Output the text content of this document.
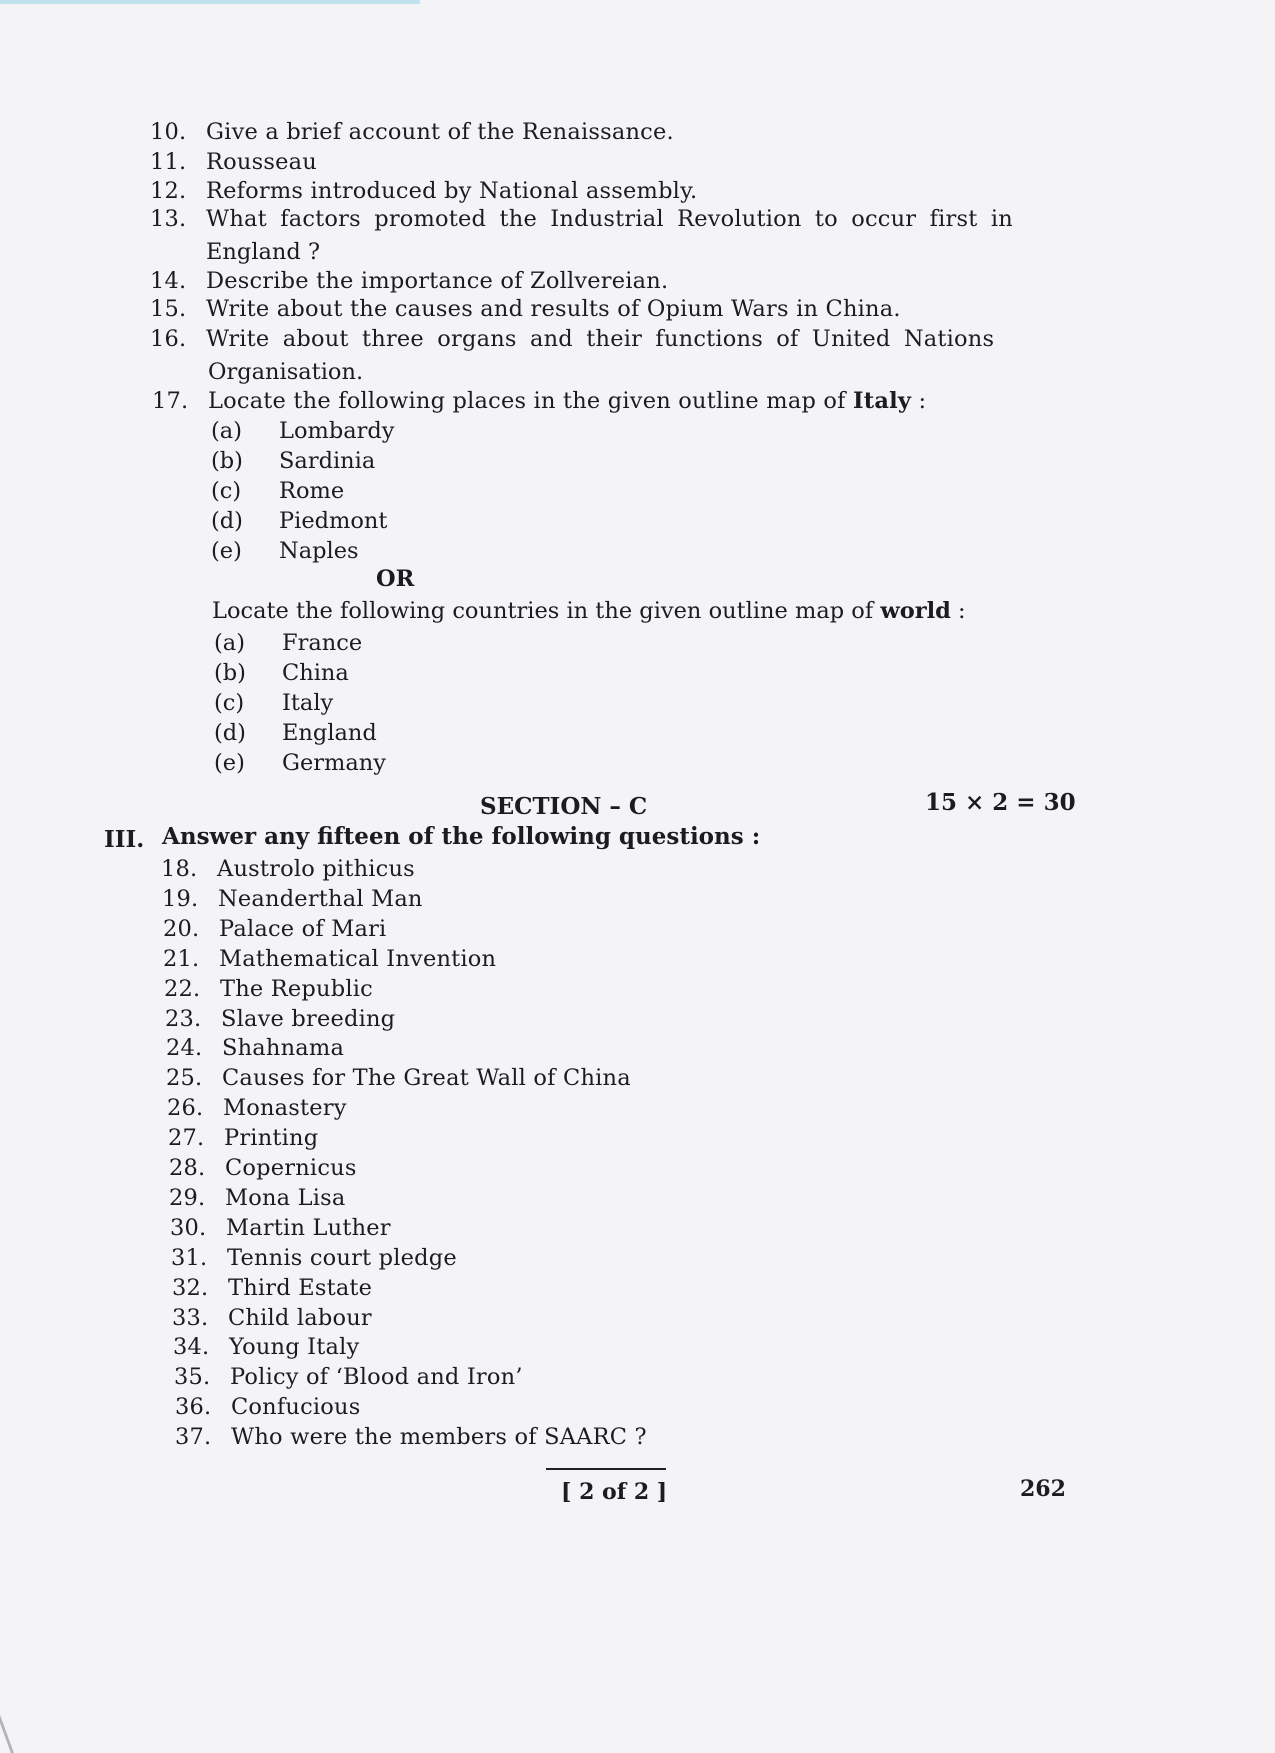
10. Give a brief account of the Renaissance.
11. Rousseau
12. Reforms introduced by National assembly.
13. What factors promoted the Industrial Revolution to occur first in
England ?
14. Describe the importance of Zollvereian.
15. Write about the causes and results of Opium Wars in China.
16. Write about three organs and their functions of United Nations
Organisation.
17. Locate the following places in the given outline map of Italy :
(a)	Lombardy
(b)	Sardinia
(c)	Rome
(d)	Piedmont
(e)	Naples
OR
Locate the following countries in the given outline map of world :
(a)	France
(b)	China
(c)	Italy
(d)	England
(e)	Germany
SECTION – C	15 × 2 = 30
III. Answer any fifteen of the following questions :
18. Austrolo pithicus
19. Neanderthal Man
20. Palace of Mari
21. Mathematical Invention
22. The Republic
23. Slave breeding
24. Shahnama
25. Causes for The Great Wall of China
26. Monastery
27. Printing
28. Copernicus
29. Mona Lisa
30. Martin Luther
31. Tennis court pledge
32. Third Estate
33. Child labour
34. Young Italy
35. Policy of ‘Blood and Iron’
36. Confucious
37. Who were the members of SAARC ?
[ 2 of 2 ]	262
